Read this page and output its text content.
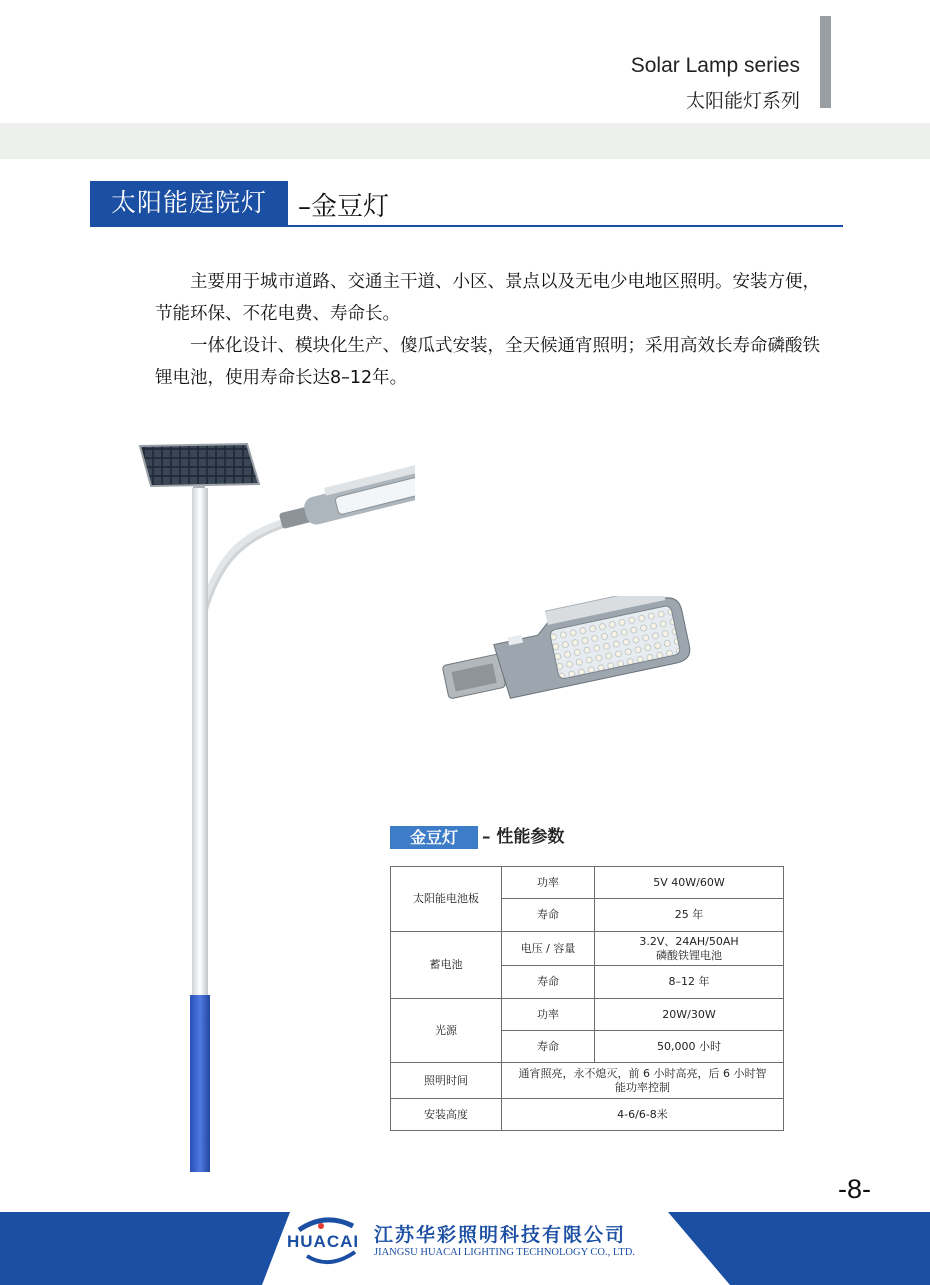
Solar Lamp series
太阳能灯系列
太阳能庭院灯	–金豆灯

主要用于城市道路、交通主干道、小区、景点以及无电少电地区照明。安装方便，节能环保、不花电费、寿命长。

一体化设计、模块化生产、傻瓜式安装，全天候通宵照明；采用高效长寿命磷酸铁锂电池，使用寿命长达8–12年。

金豆灯	– 性能参数
太阳能电池板	功率	5V 40W/60W
	寿命	25 年
蓄电池	电压 / 容量	3.2V、24AH/50AH
磷酸铁锂电池

	寿命	8–12 年
光源	功率	20W/30W
	寿命	50,000 小时
照明时间	通宵照亮，永不熄灭，前 6 小时高亮，后 6 小时智
能功率控制	

安装高度	4-6/6-8米	
-8-
HUACAI 江苏华彩照明科技有限公司
JIANGSU HUACAI LIGHTING TECHNOLOGY CO., LTD.
